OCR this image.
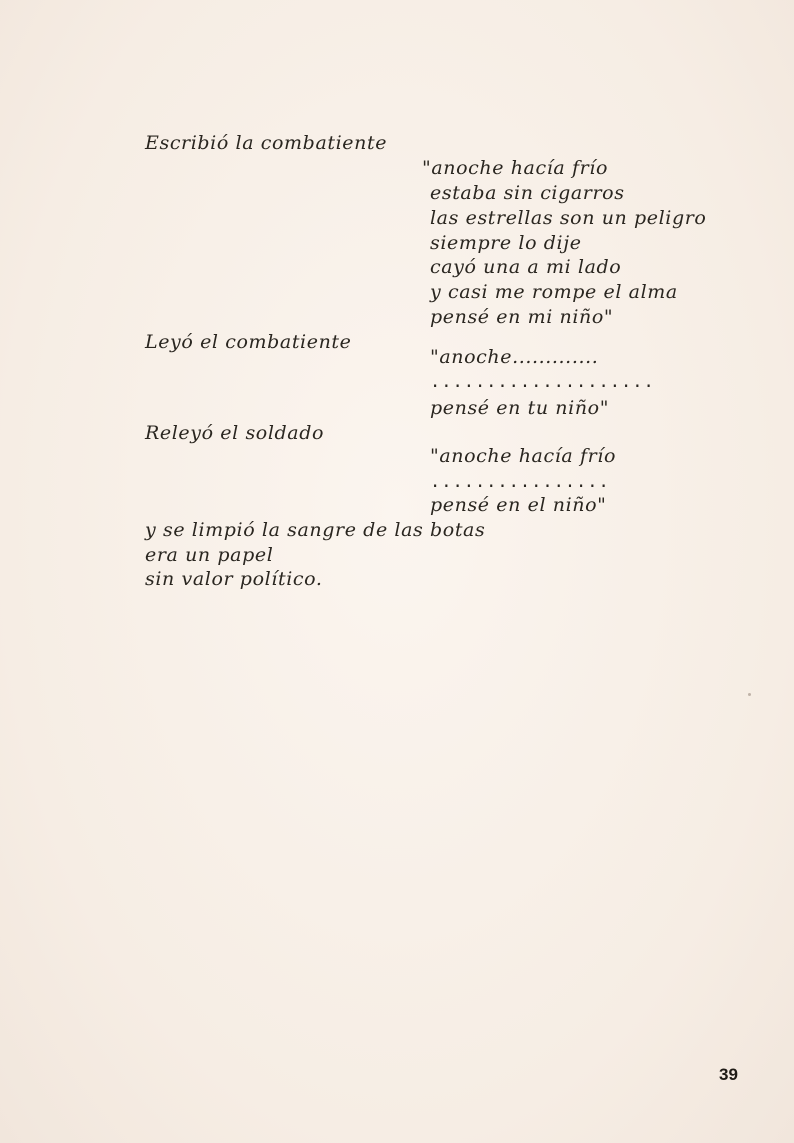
Escribió la combatiente
"anoche hacía frío
estaba sin cigarros
las estrellas son un peligro
siempre lo dije
cayó una a mi lado
y casi me rompe el alma
pensé en mi niño"
Leyó el combatiente
"anoche.............
....................
pensé en tu niño"
Releyó el soldado
"anoche hacía frío
................
pensé en el niño"
y se limpió la sangre de las botas
era un papel
sin valor político.
39
